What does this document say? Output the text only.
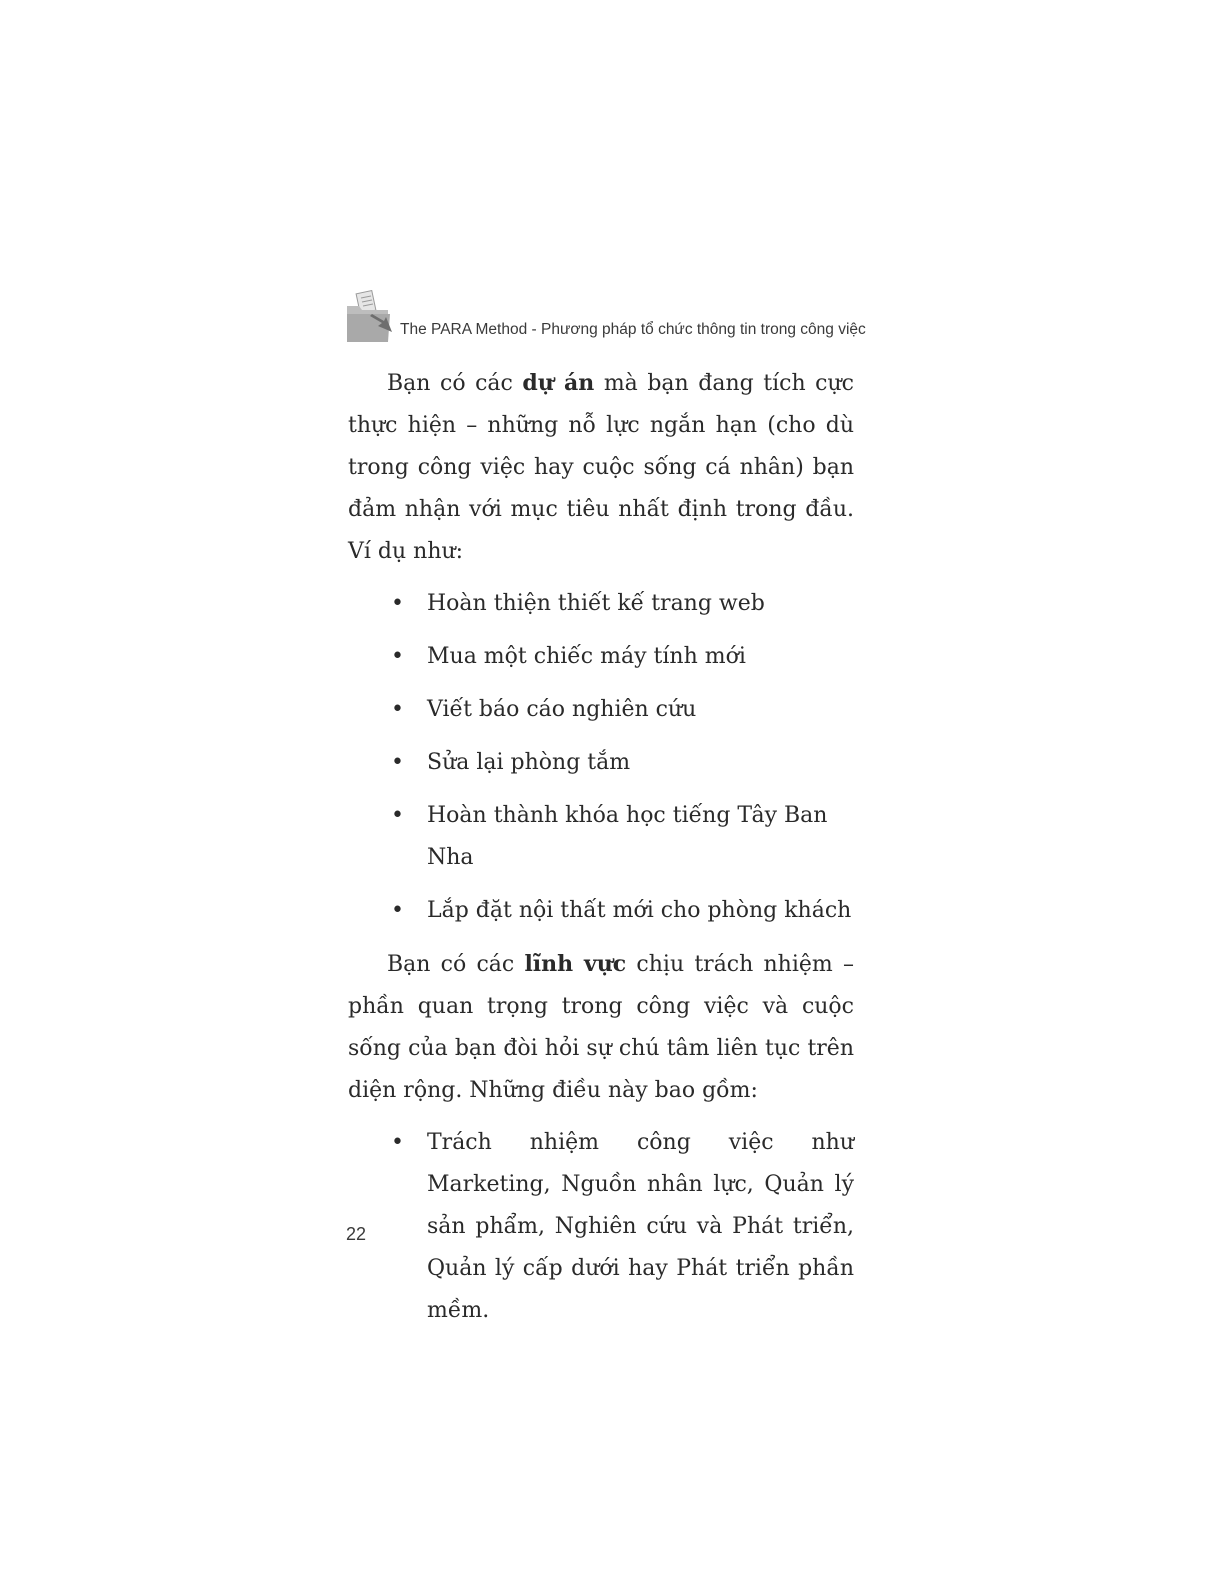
The PARA Method - Phương pháp tổ chức thông tin trong công việc

Bạn có các dự án mà bạn đang tích cực thực hiện – những nỗ lực ngắn hạn (cho dù trong công việc hay cuộc sống cá nhân) bạn đảm nhận với mục tiêu nhất định trong đầu. Ví dụ như:

• Hoàn thiện thiết kế trang web
• Mua một chiếc máy tính mới
• Viết báo cáo nghiên cứu
• Sửa lại phòng tắm
• Hoàn thành khóa học tiếng Tây Ban Nha
• Lắp đặt nội thất mới cho phòng khách

Bạn có các lĩnh vực chịu trách nhiệm – phần quan trọng trong công việc và cuộc sống của bạn đòi hỏi sự chú tâm liên tục trên diện rộng. Những điều này bao gồm:

• Trách nhiệm công việc như Marketing, Nguồn nhân lực, Quản lý sản phẩm, Nghiên cứu và Phát triển, Quản lý cấp dưới hay Phát triển phần mềm.
22
